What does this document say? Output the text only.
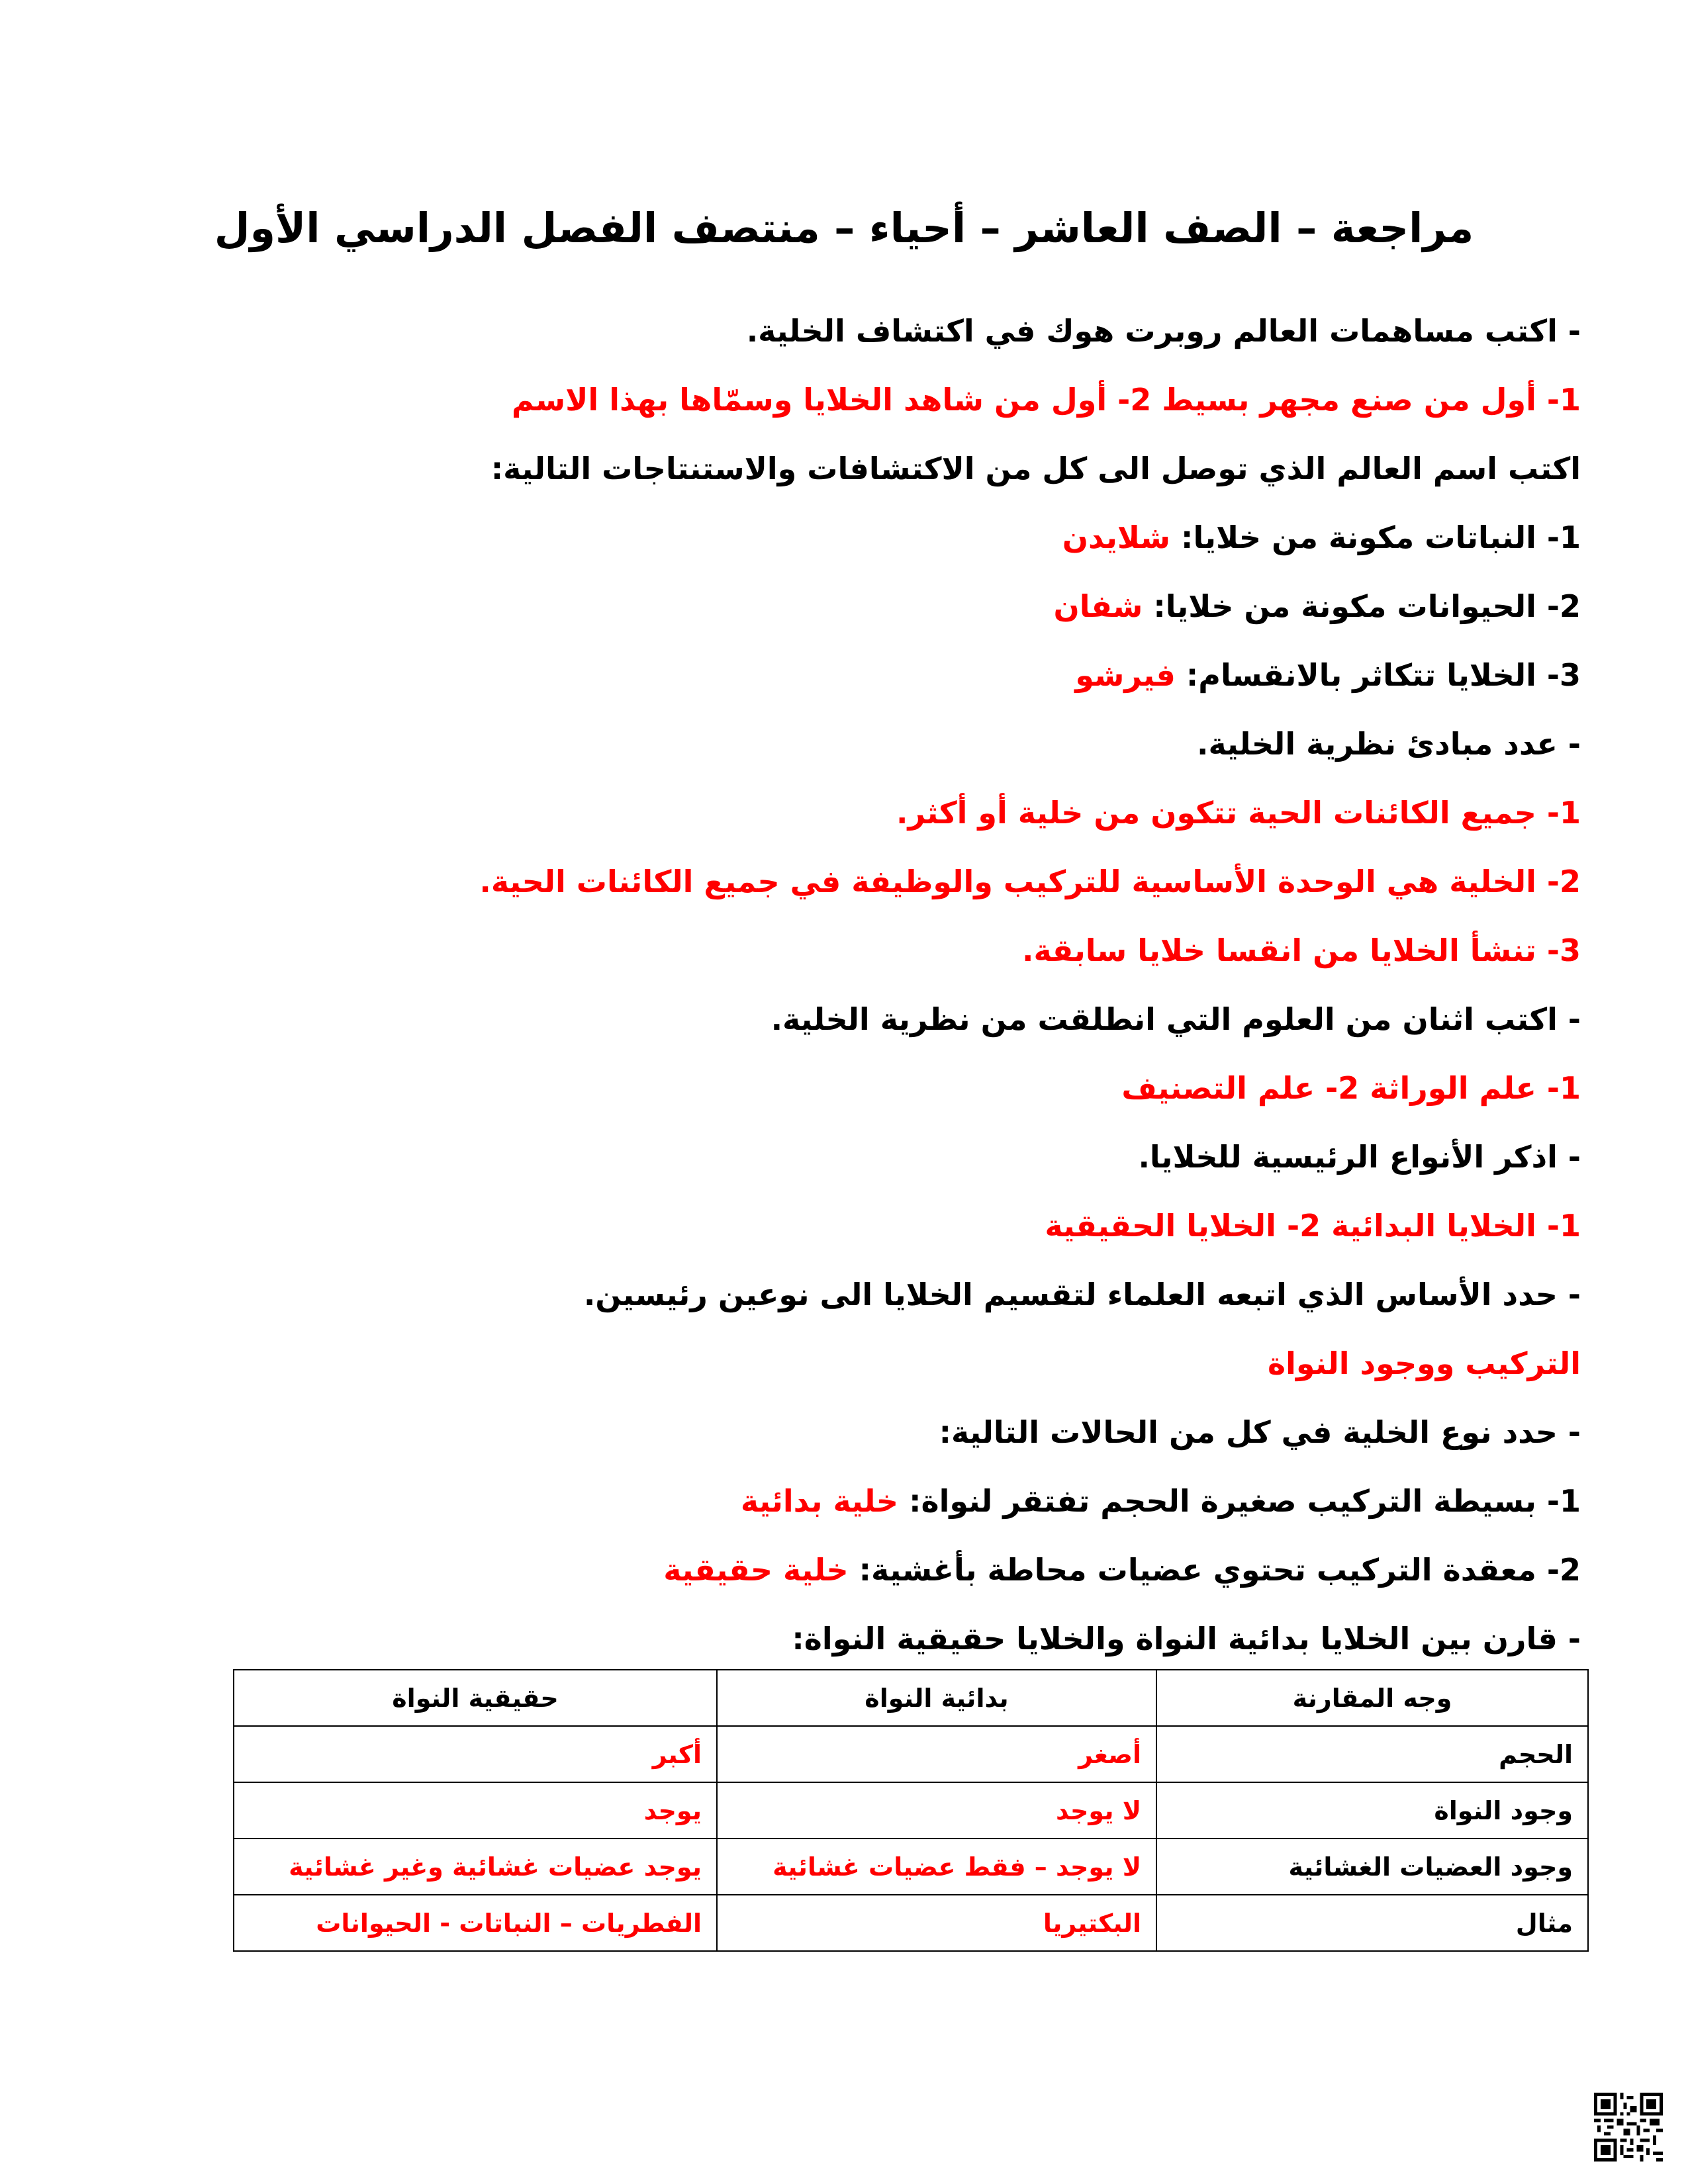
مراجعة – الصف العاشر – أحياء – منتصف الفصل الدراسي الأول
- اكتب مساهمات العالم روبرت هوك في اكتشاف الخلية.
1- أول من صنع مجهر بسيط 2- أول من شاهد الخلايا وسمّاها بهذا الاسم
اكتب اسم العالم الذي توصل الى كل من الاكتشافات والاستنتاجات التالية:
1- النباتات مكونة من خلايا: شلايدن
2- الحيوانات مكونة من خلايا: شفان
3- الخلايا تتكاثر بالانقسام: فيرشو
- عدد مبادئ نظرية الخلية.
1- جميع الكائنات الحية تتكون من خلية أو أكثر.
2- الخلية هي الوحدة الأساسية للتركيب والوظيفة في جميع الكائنات الحية.
3- تنشأ الخلايا من انقسا خلايا سابقة.
- اكتب اثنان من العلوم التي انطلقت من نظرية الخلية.
1- علم الوراثة 2- علم التصنيف
- اذكر الأنواع الرئيسية للخلايا.
1- الخلايا البدائية 2- الخلايا الحقيقية
- حدد الأساس الذي اتبعه العلماء لتقسيم الخلايا الى نوعين رئيسين.
التركيب ووجود النواة
- حدد نوع الخلية في كل من الحالات التالية:
1- بسيطة التركيب صغيرة الحجم تفتقر لنواة: خلية بدائية
2- معقدة التركيب تحتوي عضيات محاطة بأغشية: خلية حقيقية
- قارن بين الخلايا بدائية النواة والخلايا حقيقية النواة:
وجه المقارنة	بدائية النواة	حقيقية النواة
الحجم	أصغر	أكبر
وجود النواة	لا يوجد	يوجد
وجود العضيات الغشائية	لا يوجد – فقط عضيات غشائية	يوجد عضيات غشائية وغير غشائية
مثال	البكتيريا	الفطريات – النباتات - الحيوانات
